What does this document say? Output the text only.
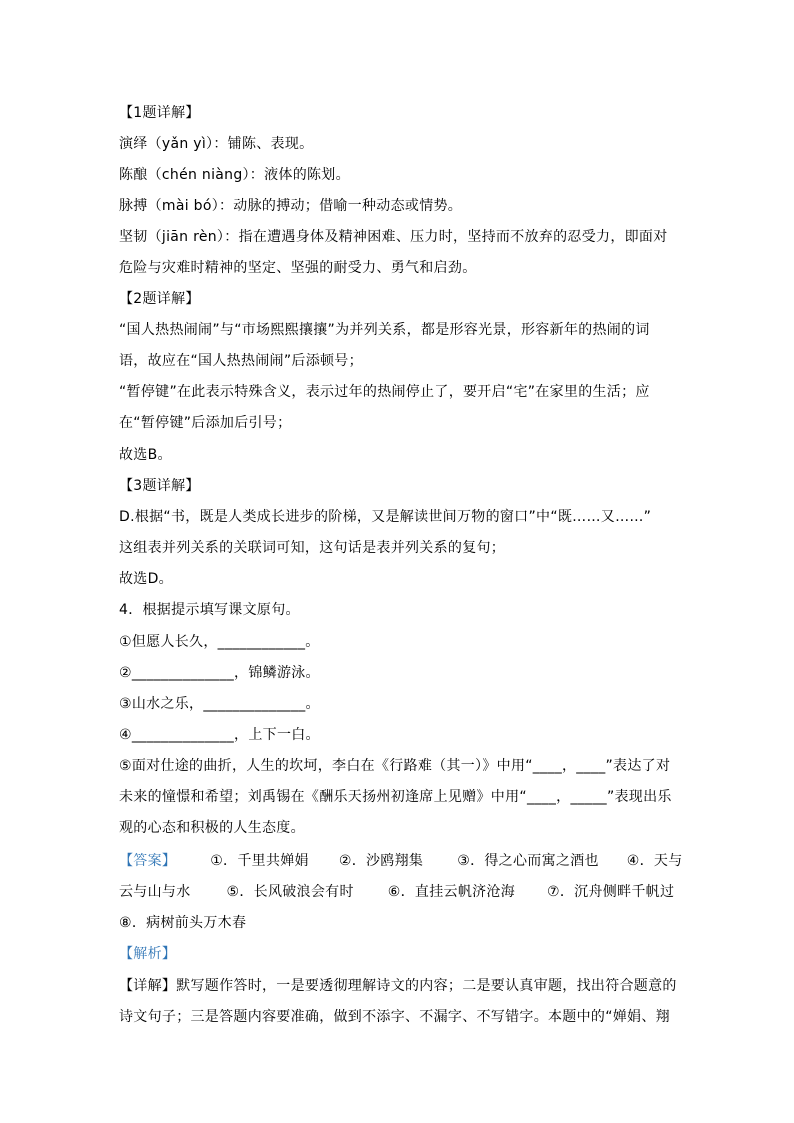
【1题详解】
演绎（yǎn yì）：铺陈、表现。
陈酿（chén niàng）：液体的陈划。
脉搏（mài bó）：动脉的搏动；借喻一种动态或情势。
坚韧（jiān rèn）：指在遭遇身体及精神困难、压力时，坚持而不放弃的忍受力，即面对
危险与灾难时精神的坚定、坚强的耐受力、勇气和启劲。
【2题详解】
“国人热热闹闹”与“市场熙熙攘攘”为并列关系，都是形容光景，形容新年的热闹的词
语，故应在“国人热热闹闹”后添顿号；
“暂停键”在此表示特殊含义，表示过年的热闹停止了，要开启“宅”在家里的生活；应
在“暂停键”后添加后引号；
故选B。
【3题详解】
D.根据“书，既是人类成长进步的阶梯，又是解读世间万物的窗口”中“既……又……”
这组表并列关系的关联词可知，这句话是表并列关系的复句；
故选D。
4．根据提示填写课文原句。
①但愿人长久，____________。
②______________，锦鳞游泳。
③山水之乐，______________。
④______________，上下一白。
⑤面对仕途的曲折，人生的坎坷，李白在《行路难（其一）》中用“____，____”表达了对
未来的憧憬和希望；刘禹锡在《酬乐天扬州初逢席上见赠》中用“____，_____”表现出乐
观的心态和积极的人生态度。
【答案】 ①．千里共婵娟 ②．沙鸥翔集 ③．得之心而寓之酒也 ④．天与
云与山与水	⑤．长风破浪会有时 ⑥．直挂云帆济沧海 ⑦．沉舟侧畔千帆过
⑧．病树前头万木春
【解析】
【详解】默写题作答时，一是要透彻理解诗文的内容；二是要认真审题，找出符合题意的
诗文句子；三是答题内容要准确，做到不添字、不漏字、不写错字。本题中的“婵娟、翔
